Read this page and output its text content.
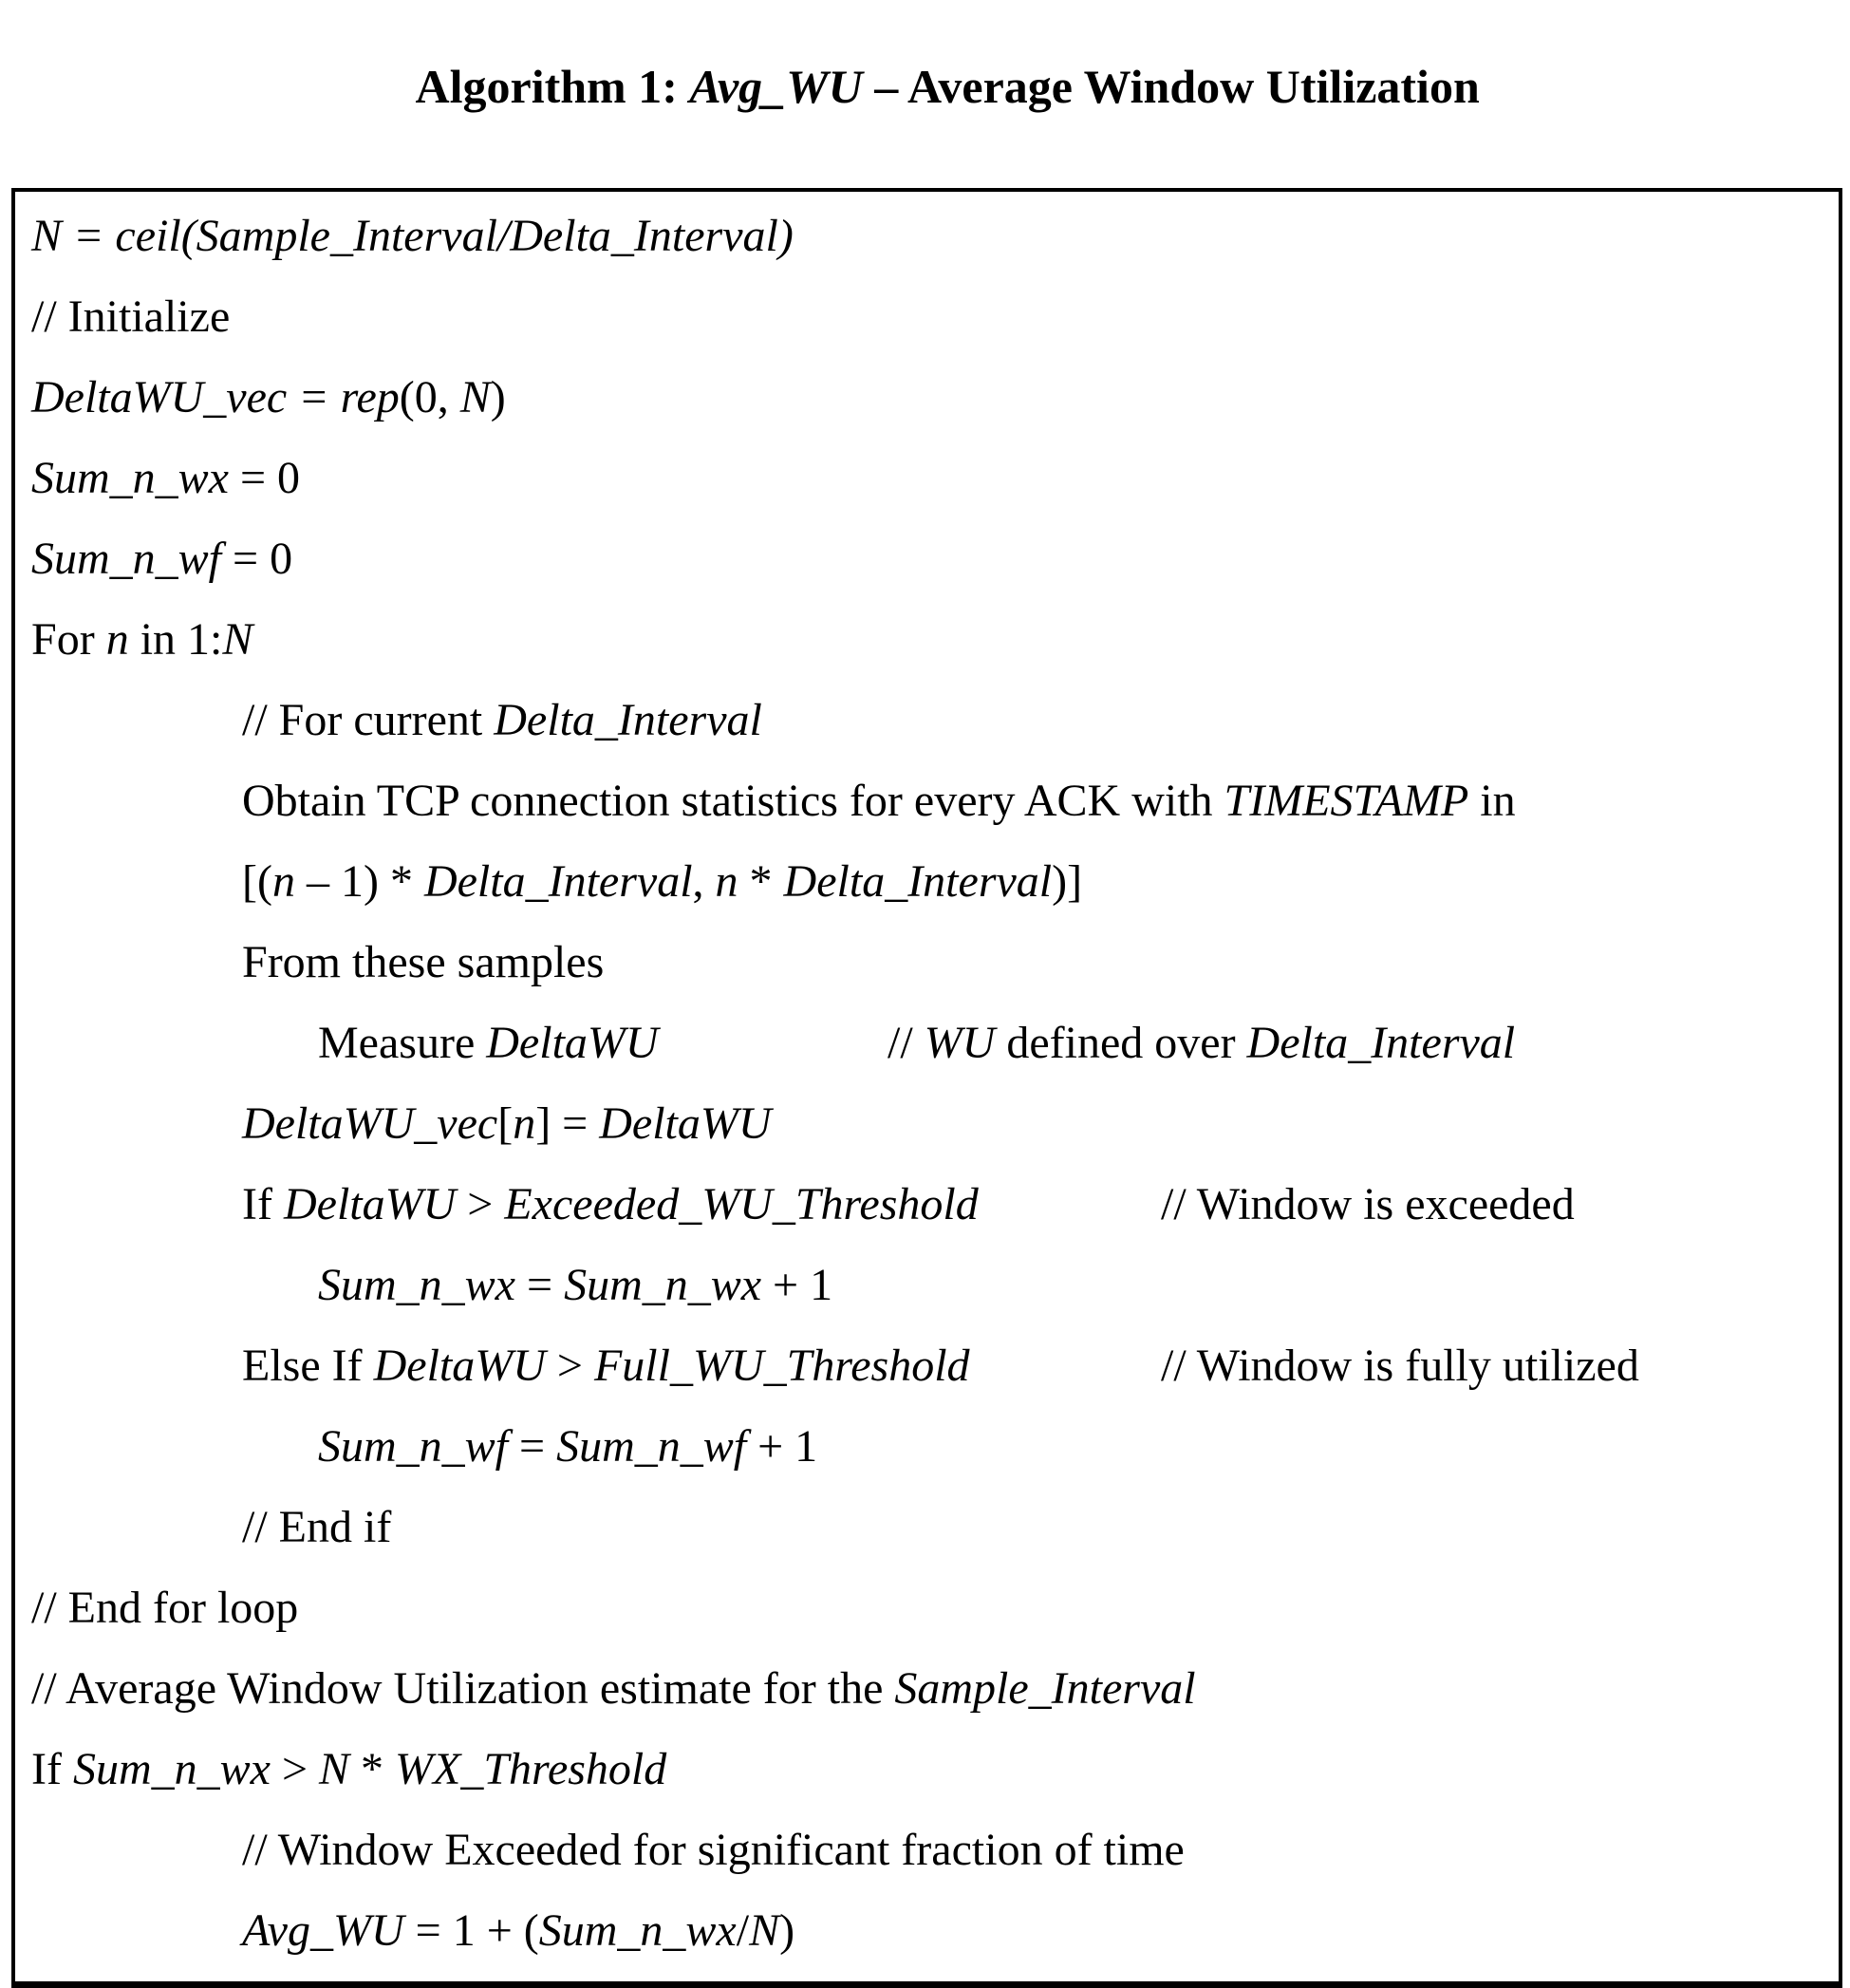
Algorithm 1: Avg_WU – Average Window Utilization

N = ceil(Sample_Interval/Delta_Interval)
// Initialize
DeltaWU_vec = rep(0, N)
Sum_n_wx = 0
Sum_n_wf = 0
For n in 1:N
// For current Delta_Interval
Obtain TCP connection statistics for every ACK with TIMESTAMP in
[(n – 1) * Delta_Interval, n * Delta_Interval)]
From these samples
Measure DeltaWU	// WU defined over Delta_Interval
DeltaWU_vec[n] = DeltaWU
If DeltaWU > Exceeded_WU_Threshold	// Window is exceeded
Sum_n_wx = Sum_n_wx + 1
Else If DeltaWU > Full_WU_Threshold	// Window is fully utilized
Sum_n_wf = Sum_n_wf + 1
// End if
// End for loop
// Average Window Utilization estimate for the Sample_Interval
If Sum_n_wx > N * WX_Threshold
// Window Exceeded for significant fraction of time
Avg_WU = 1 + (Sum_n_wx/N)
